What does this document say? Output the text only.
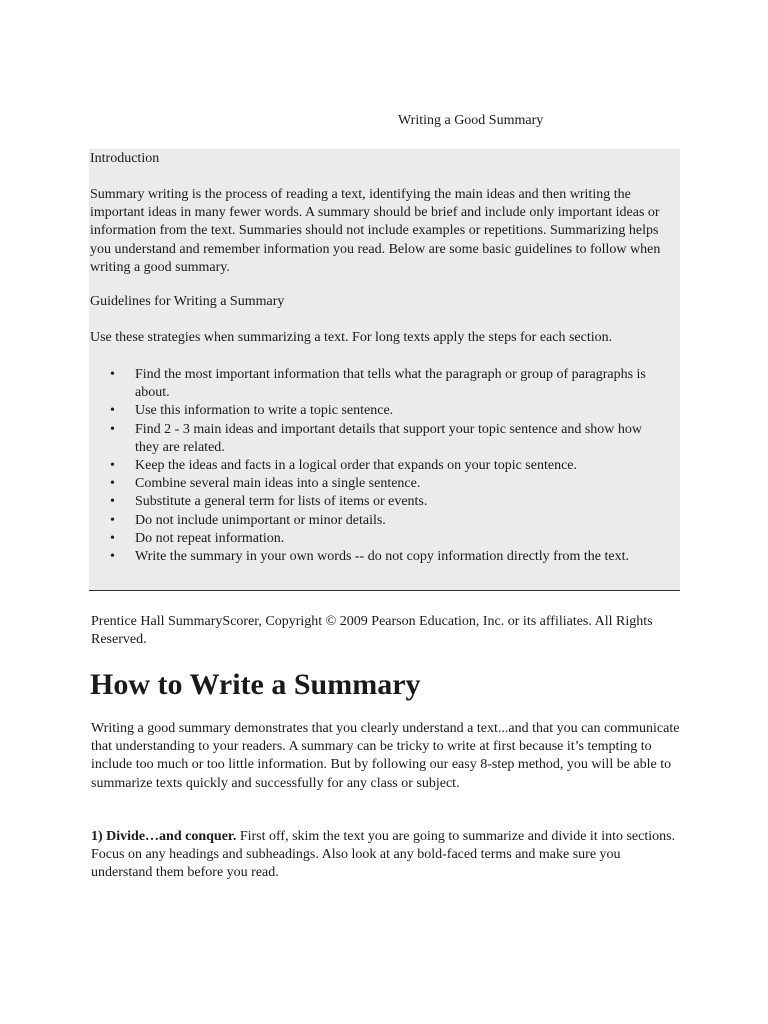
Writing a Good Summary

Introduction

Summary writing is the process of reading a text, identifying the main ideas and then writing the important ideas in many fewer words. A summary should be brief and include only important ideas or information from the text. Summaries should not include examples or repetitions. Summarizing helps you understand and remember information you read. Below are some basic guidelines to follow when writing a good summary.

Guidelines for Writing a Summary

Use these strategies when summarizing a text. For long texts apply the steps for each section.

• Find the most important information that tells what the paragraph or group of paragraphs is about.
• Use this information to write a topic sentence.
• Find 2 - 3 main ideas and important details that support your topic sentence and show how they are related.
• Keep the ideas and facts in a logical order that expands on your topic sentence.
• Combine several main ideas into a single sentence.
• Substitute a general term for lists of items or events.
• Do not include unimportant or minor details.
• Do not repeat information.
• Write the summary in your own words -- do not copy information directly from the text.

Prentice Hall SummaryScorer, Copyright © 2009 Pearson Education, Inc. or its affiliates. All Rights Reserved.

How to Write a Summary

Writing a good summary demonstrates that you clearly understand a text...and that you can communicate that understanding to your readers. A summary can be tricky to write at first because it’s tempting to include too much or too little information. But by following our easy 8-step method, you will be able to summarize texts quickly and successfully for any class or subject.

1) Divide…and conquer. First off, skim the text you are going to summarize and divide it into sections. Focus on any headings and subheadings. Also look at any bold-faced terms and make sure you understand them before you read.
